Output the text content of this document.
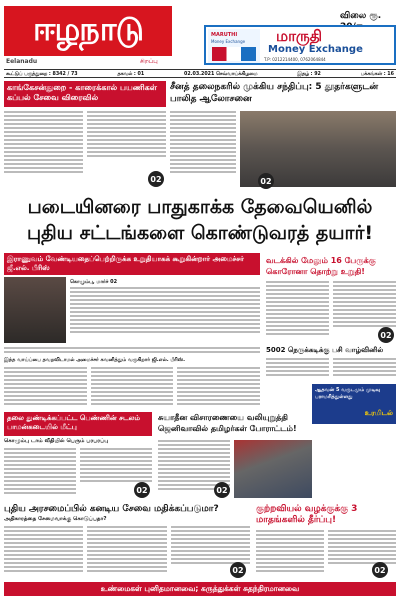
ஈழநாடு
Eelanadu	சிறப்பு
விலை ரூ.
MARUTHI
Money Exchange மாருதி
Money Exchange
T.P: 0212214400, 0762064844
கூட்டுப் பருத்துறை : 8342 / 73	தகவல் : 01	02.03.2021 செவ்வாய்க்கிழமை	இதழ் : 92	பக்கங்கள் : 16
காங்கேசன்துறை - காரைக்கால் பயணிகள் கப்பல் சேவை விரைவில்
02
சீனத் தலைநகரில் முக்கிய சந்திப்பு: 5 தூதர்களுடன் பாலித ஆலோசனை
02
படையினரை பாதுகாக்க தேவையெனில்
புதிய சட்டங்களை கொண்டுவரத் தயார்!
இராணுவம் வேண்டியதைப்பெற்றிருக்க உறுதியாகக் கூறுகின்றார் அமைச்சர் ஜீ.எல். பீரிஸ்
கொழும்பு, மார்ச் 02
இந்த வாய்ப்பை தவறவிடாமல் அமைச்சர் கவனித்தும் வருகிறார் ஜி.எல். பீரிஸ்.
வடக்கில் மேலும் 16 பேருக்கு கொரோனா தொற்று உறுதி!
02
5002 நெருக்கடிக்கு பசி வாழ்வினில்
ஆதவன் 5 வருடமும் முடிவு பராமரித்துள்ளது
உரமிடல்
தலை துண்டிக்கப்பட்ட பெண்ணின் சடலம் பாமன்கடையில் மீட்பு
கொழும்பு டாம் வீதியில் பெரும் பரபரப்பு
02
சுயாதீன விசாரணையை வலியுறுத்தி ஜெனிவாவில் தமிழர்கள் போராட்டம்!
02
புதிய அரசமைப்பில் கனடிய சேவை மதிக்கப்படுமா?
அதிகாரத்தை சேமைவாக்கு கொடுப்பதா?
02
குற்றவியல் வழக்குக்கு 3 மாதங்களில் தீர்ப்பு!
02
உண்மைகள் புனிதமானவை; கருத்துக்கள் சுதந்திரமானவை
